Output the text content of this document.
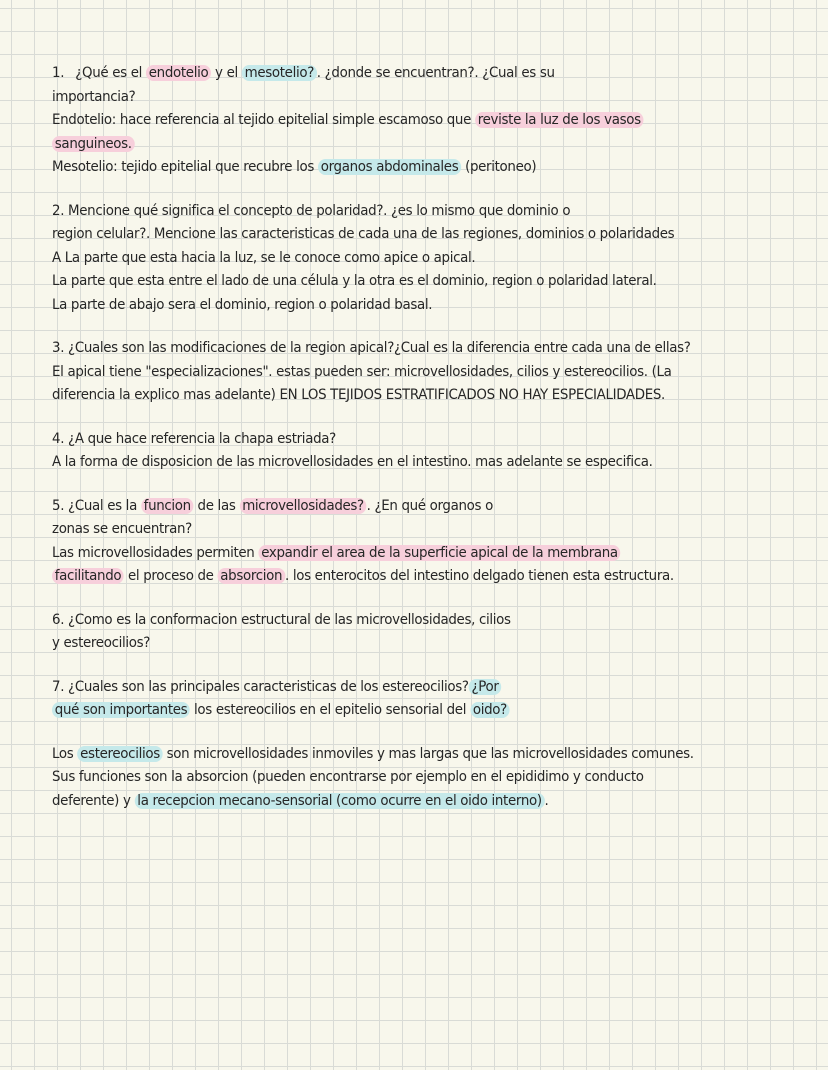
1. ¿Qué es el endotelio y el mesotelio? . ¿donde se encuentran?. ¿Cual es su
importancia?
Endotelio: hace referencia al tejido epitelial simple escamoso que reviste la luz de los vasos
sanguineos.
Mesotelio: tejido epitelial que recubre los organos abdominales (peritoneo)
2. Mencione qué significa el concepto de polaridad?. ¿es lo mismo que dominio o
region celular?. Mencione las caracteristicas de cada una de las regiones, dominios o polaridades
A La parte que esta hacia la luz, se le conoce como apice o apical.
La parte que esta entre el lado de una célula y la otra es el dominio, region o polaridad lateral.
La parte de abajo sera el dominio, region o polaridad basal.
3. ¿Cuales son las modificaciones de la region apical?¿Cual es la diferencia entre cada una de ellas?
El apical tiene "especializaciones". estas pueden ser: microvellosidades, cilios y estereocilios. (La
diferencia la explico mas adelante) EN LOS TEJIDOS ESTRATIFICADOS NO HAY ESPECIALIDADES.
4. ¿A que hace referencia la chapa estriada?
A la forma de disposicion de las microvellosidades en el intestino. mas adelante se especifica.
5. ¿Cual es la funcion de las microvellosidades? . ¿En qué organos o
zonas se encuentran?
Las microvellosidades permiten expandir el area de la superficie apical de la membrana
facilitando el proceso de absorcion . los enterocitos del intestino delgado tienen esta estructura.
6. ¿Como es la conformacion estructural de las microvellosidades, cilios
y estereocilios?
7. ¿Cuales son las principales caracteristicas de los estereocilios? ¿Por
qué son importantes los estereocilios en el epitelio sensorial del oido?
Los estereocilios son microvellosidades inmoviles y mas largas que las microvellosidades comunes.
Sus funciones son la absorcion (pueden encontrarse por ejemplo en el epididimo y conducto
deferente) y la recepcion mecano-sensorial (como ocurre en el oido interno) .
